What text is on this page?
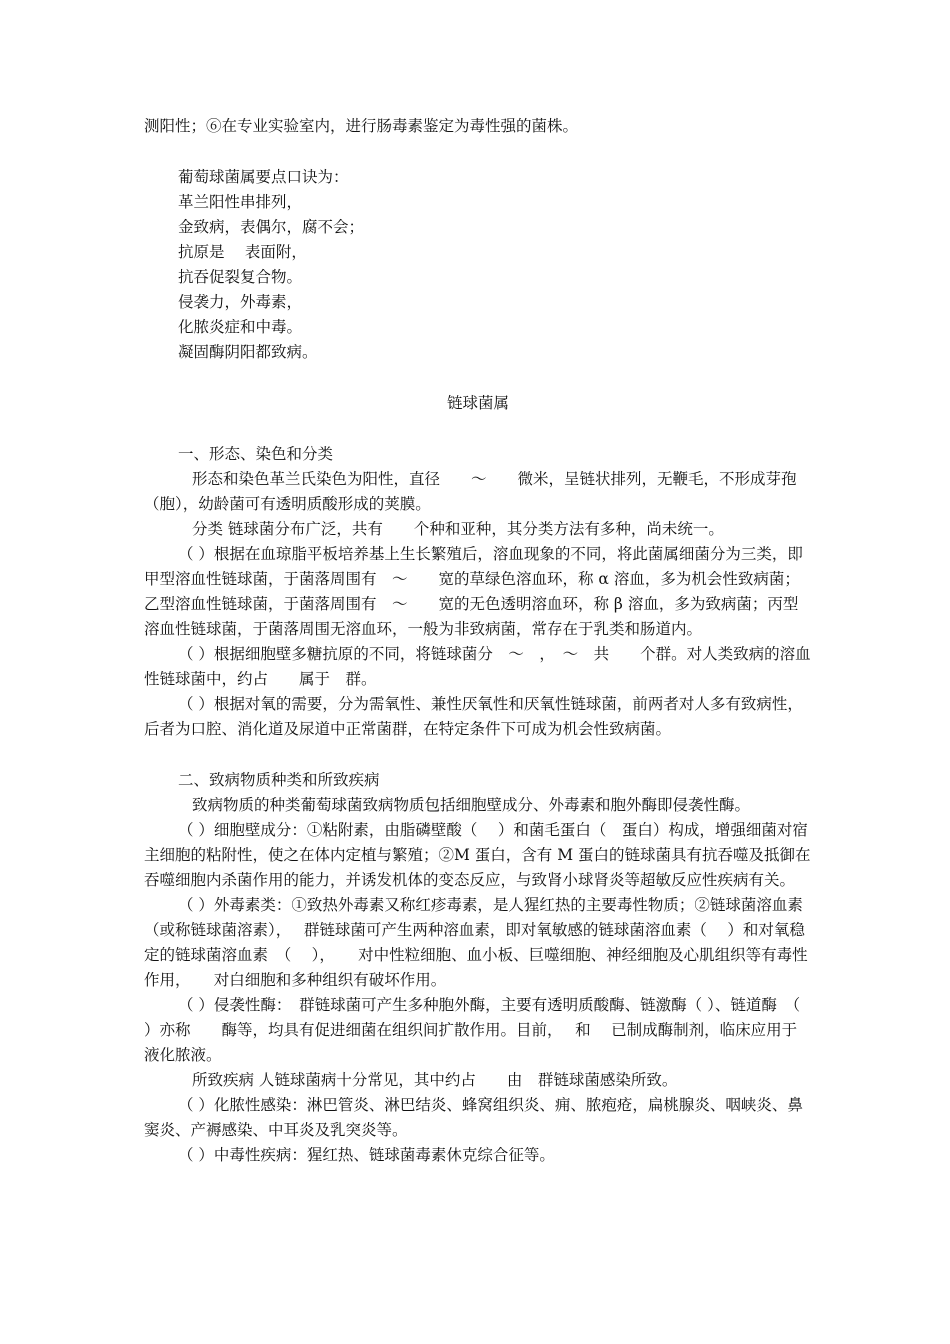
测阳性；⑥在专业实验室内，进行肠毒素鉴定为毒性强的菌株。

葡萄球菌属要点口诀为：

革兰阳性串排列，

金致病，表偶尔，腐不会；

抗原是　 表面附，

抗吞促裂复合物。

侵袭力，外毒素，

化脓炎症和中毒。

凝固酶阴阳都致病。

链球菌属

一、形态、染色和分类

形态和染色革兰氏染色为阳性，直径　　～　　微米，呈链状排列，无鞭毛，不形成芽孢 （胞），幼龄菌可有透明质酸形成的荚膜。

分类 链球菌分布广泛，共有　　个种和亚种，其分类方法有多种，尚未统一。

（ ）根据在血琼脂平板培养基上生长繁殖后，溶血现象的不同，将此菌属细菌分为三类，即甲型溶血性链球菌，于菌落周围有　～　　宽的草绿色溶血环，称 α 溶血，多为机会性致病菌；乙型溶血性链球菌，于菌落周围有　～　　宽的无色透明溶血环，称 β 溶血，多为致病菌；丙型溶血性链球菌，于菌落周围无溶血环，一般为非致病菌，常存在于乳类和肠道内。

（ ）根据细胞壁多糖抗原的不同，将链球菌分　～　，　～　共　　个群。对人类致病的溶血性链球菌中，约占　　属于　群。

（ ）根据对氧的需要，分为需氧性、兼性厌氧性和厌氧性链球菌，前两者对人多有致病性，后者为口腔、消化道及尿道中正常菌群，在特定条件下可成为机会性致病菌。

二、致病物质种类和所致疾病

致病物质的种类葡萄球菌致病物质包括细胞壁成分、外毒素和胞外酶即侵袭性酶。

（ ）细胞壁成分：①粘附素，由脂磷壁酸（　 ）和菌毛蛋白（　蛋白）构成，增强细菌对宿主细胞的粘附性，使之在体内定植与繁殖；②M 蛋白，含有 M 蛋白的链球菌具有抗吞噬及抵御在吞噬细胞内杀菌作用的能力，并诱发机体的变态反应，与致肾小球肾炎等超敏反应性疾病有关。

（ ）外毒素类：①致热外毒素又称红疹毒素，是人猩红热的主要毒性物质；②链球菌溶血素（或称链球菌溶素），　 群链球菌可产生两种溶血素，即对氧敏感的链球菌溶血素（　 ）和对氧稳定的链球菌溶血素　（　 ），　　对中性粒细胞、血小板、巨噬细胞、神经细胞及心肌组织等有毒性作用，　　对白细胞和多种组织有破坏作用。

（ ）侵袭性酶：　群链球菌可产生多种胞外酶，主要有透明质酸酶、链激酶（ ）、链道酶　（ ）亦称　　酶等，均具有促进细菌在组织间扩散作用。目前，　 和　 已制成酶制剂，临床应用于液化脓液。

所致疾病 人链球菌病十分常见，其中约占　　由　群链球菌感染所致。

（ ）化脓性感染：淋巴管炎、淋巴结炎、蜂窝组织炎、痈、脓疱疮，扁桃腺炎、咽峡炎、鼻窦炎、产褥感染、中耳炎及乳突炎等。

（ ）中毒性疾病：猩红热、链球菌毒素休克综合征等。
